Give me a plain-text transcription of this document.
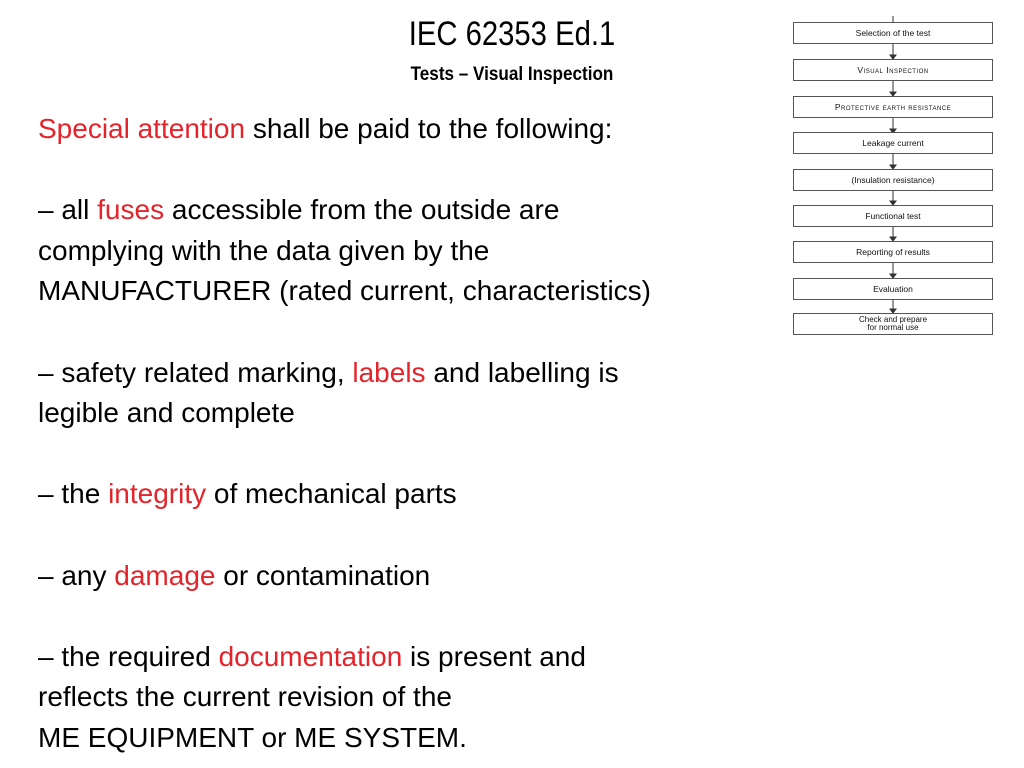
IEC 62353 Ed.1
Tests – Visual Inspection

Special attention shall be paid to the following:

– all fuses accessible from the outside are

complying with the data given by the

MANUFACTURER (rated current, characteristics)

– safety related marking, labels and labelling is

legible and complete

– the integrity of mechanical parts

– any damage or contamination

– the required documentation is present and

reflects the current revision of the

ME EQUIPMENT or ME SYSTEM.

Selection of the test
Visual Inspection
Protective earth resistance
Leakage current
(Insulation resistance)
Functional test
Reporting of results
Evaluation
Check and prepare
for normal use
